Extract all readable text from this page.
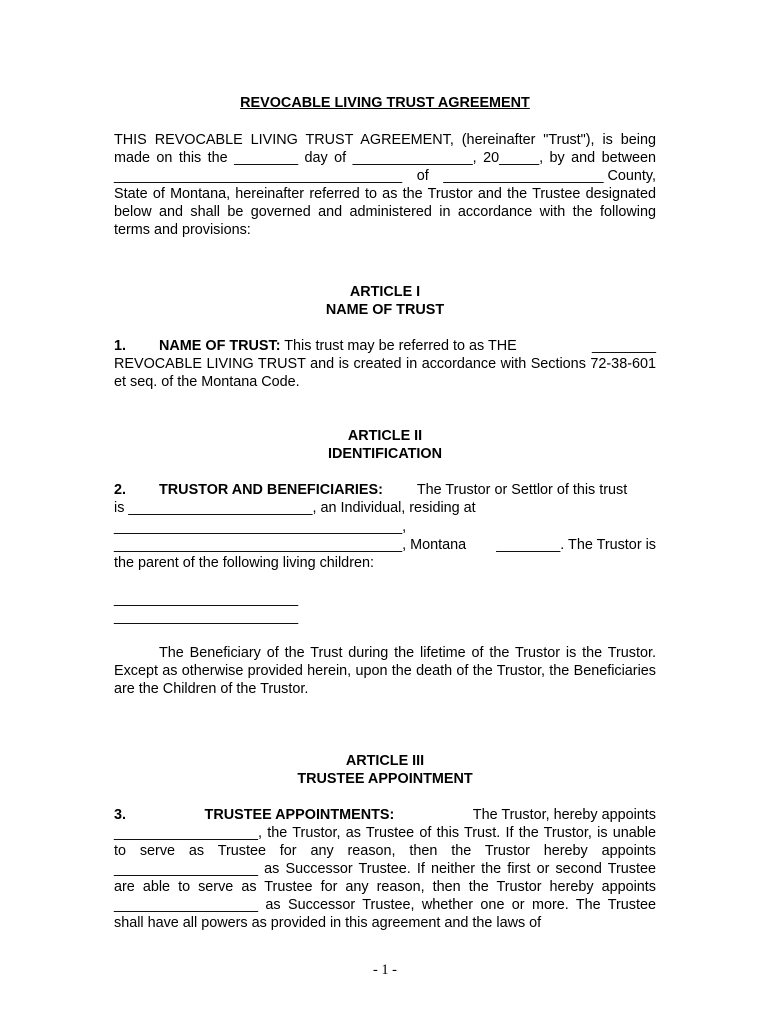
REVOCABLE LIVING TRUST AGREEMENT

THIS REVOCABLE LIVING TRUST AGREEMENT, (hereinafter "Trust"), is being
made on this the ________ day of _______________, 20_____, by and between
____________________________________ of ____________________ County,

State of Montana, hereinafter referred to as the Trustor and the Trustee designated below and shall be governed and administered in accordance with the following terms and provisions:

ARTICLE I

NAME OF TRUST

1. NAME OF TRUST: This trust may be referred to as THE	________

REVOCABLE LIVING TRUST and is created in accordance with Sections 72-38-601 et seq. of the Montana Code.

ARTICLE II

IDENTIFICATION

2. TRUSTOR AND BENEFICIARIES: The Trustor or Settlor of this trust
is _______________________, an Individual, residing at
____________________________________,
____________________________________, Montana ________. The Trustor is
the parent of the following living children:
_______________________
_______________________

The Beneficiary of the Trust during the lifetime of the Trustor is the Trustor. Except as otherwise provided herein, upon the death of the Trustor, the Beneficiaries are the Children of the Trustor.

ARTICLE III

TRUSTEE APPOINTMENT

3.	TRUSTEE APPOINTMENTS:	The Trustor, hereby appoints

__________________, the Trustor, as Trustee of this Trust. If the Trustor, is unable to serve as Trustee for any reason, then the Trustor hereby appoints __________________ as Successor Trustee. If neither the first or second Trustee are able to serve as Trustee for any reason, then the Trustor hereby appoints __________________ as Successor Trustee, whether one or more. The Trustee shall have all powers as provided in this agreement and the laws of

- 1 -
